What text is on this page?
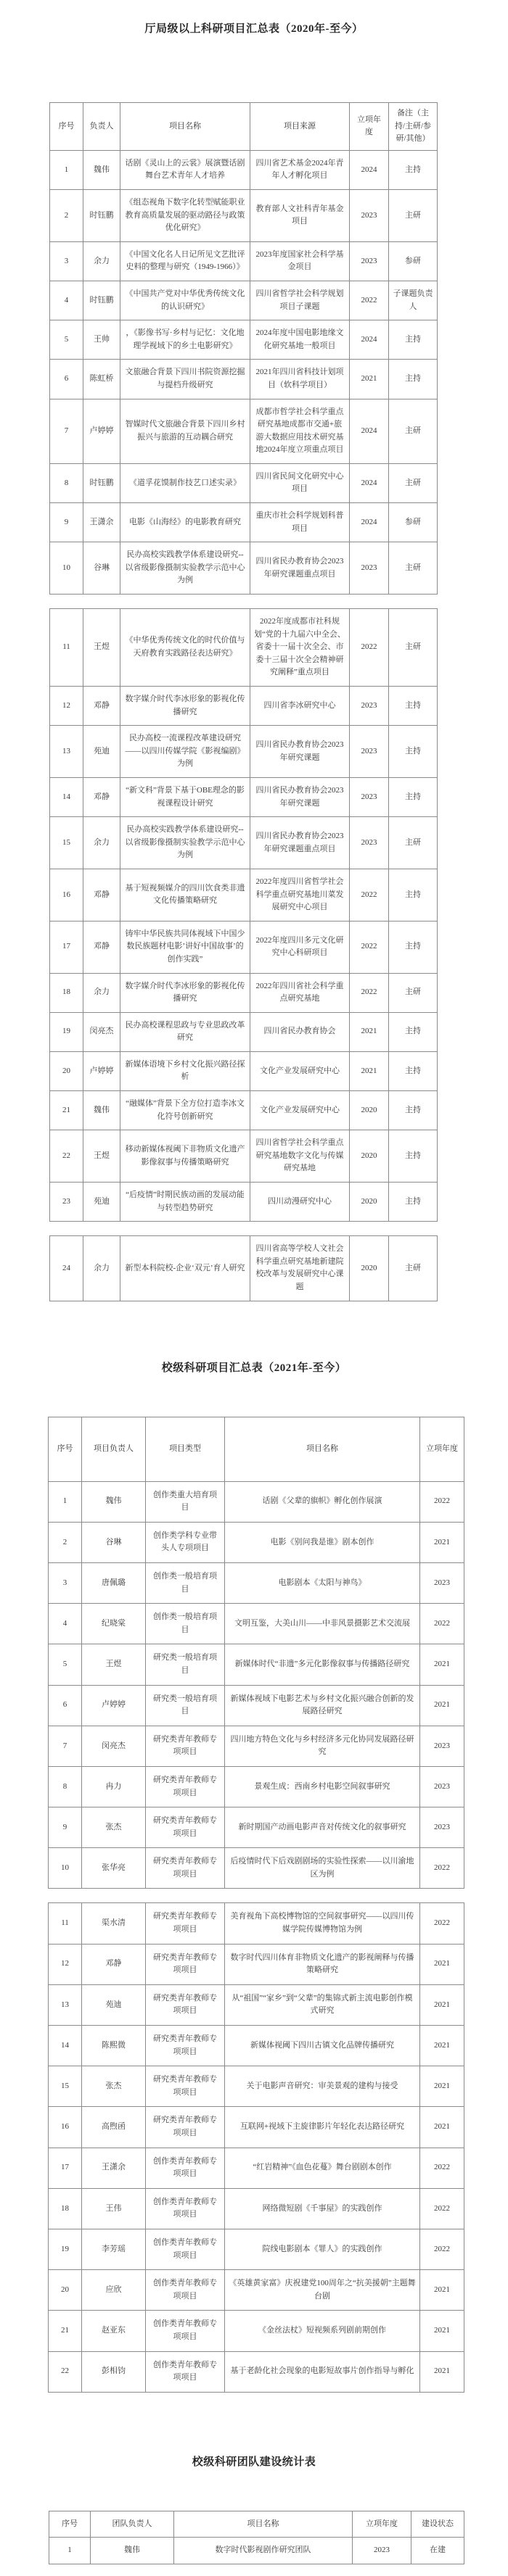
厅局级以上科研项目汇总表（2020年-至今）
序号	负责人	项目名称	项目来源	立项年度	备注（主持/主研/参研/其他）
1	魏伟	话剧《灵山上的云裳》展演暨话剧舞台艺术青年人才培养	四川省艺术基金2024年青年人才孵化项目	2024	主持
2	时钰鹏	《组态视角下数字化转型赋能职业教育高质量发展的驱动路径与政策优化研究》	教育部人文社科青年基金项目	2023	主研
3	余力	《中国文化名人日记所见文艺批评史料的整理与研究（1949-1966）》	2023年度国家社会科学基金项目	2023	参研
4	时钰鹏	《中国共产党对中华优秀传统文化的认识研究》	四川省哲学社会科学规划项目子课题	2022	子课题负责人
5	王帅	，《影像书写·乡村与记忆：文化地理学视域下的乡土电影研究》	2024年度中国电影地缘文化研究基地一般项目	2024	主持
6	陈虹桥	文旅融合背景下四川书院资源挖掘与提档升级研究	2021年四川省科技计划项目（软科学项目）	2021	主持
7	卢婷婷	智媒时代文旅融合背景下四川乡村振兴与旅游的互动耦合研究	成都市哲学社会科学重点研究基地成都市交通+旅游大数据应用技术研究基地2024年度立项重点项目	2024	主研
8	时钰鹏	《道孚花馍制作技艺口述实录》	四川省民间文化研究中心项目	2024	主研
9	王潇余	电影《山海经》的电影教育研究	重庆市社会科学规划科普项目	2024	参研
10	谷琳	民办高校实践教学体系建设研究--以省级影像摄制实验教学示范中心为例	四川省民办教育协会2023年研究课题重点项目	2023	主研
11	王煜	《中华优秀传统文化的时代价值与天府教育实践路径表达研究》	2022年度成都市社科规划“党的十九届六中全会、省委十一届十次全会、市委十三届十次全会精神研究阐释”重点项目	2022	主研
12	邓静	数字媒介时代李冰形象的影视化传播研究	四川省李冰研究中心	2023	主持
13	苑迪	民办高校一流课程改革建设研究——以四川传媒学院《影视编剧》为例	四川省民办教育协会2023年研究课题	2023	主持
14	邓静	“新文科”背景下基于OBE理念的影视课程设计研究	四川省民办教育协会2023年研究课题	2023	主持
15	余力	民办高校实践教学体系建设研究--以省级影像摄制实验教学示范中心为例	四川省民办教育协会2023年研究课题重点项目	2023	主研
16	邓静	基于短视频媒介的四川饮食类非遗文化传播策略研究	2022年度四川省哲学社会科学重点研究基地川菜发展研究中心项目	2022	主持
17	邓静	铸牢中华民族共同体视域下中国少数民族题材电影’讲好中国故事’的创作实践”	2022年度四川多元文化研究中心科研项目	2022	主持
18	余力	数字媒介时代李冰形象的影视化传播研究	2022年四川省社会科学重点研究基地	2022	主研
19	闵亮杰	民办高校课程思政与专业思政改革研究	四川省民办教育协会	2021	主持
20	卢婷婷	新媒体语境下乡村文化振兴路径探析	文化产业发展研究中心	2021	主持
21	魏伟	“融媒体”背景下全方位打造李冰文化符号创新研究	文化产业发展研究中心	2020	主持
22	王煜	移动新媒体视阈下非物质文化遗产影像叙事与传播策略研究	四川省哲学社会科学重点研究基地数字文化与传媒研究基地	2020	主持
23	苑迪	“后疫情”时期民族动画的发展动能与转型趋势研究	四川动漫研究中心	2020	主持
24	余力	新型本科院校-企业‘双元’育人研究	四川省高等学校人文社会科学重点研究基地新建院校改革与发展研究中心课题	2020	主研
校级科研项目汇总表（2021年-至今）
序号	项目负责人	项目类型	项目名称	立项年度
1	魏伟	创作类重大培育项目	话剧《父辈的旗帜》孵化创作展演	2022
2	谷琳	创作类学科专业带头人专项项目	电影《别问我是谁》剧本创作	2021
3	唐佩璐	创作类一般培育项目	电影剧本《太阳与神鸟》	2023
4	纪晓棠	创作类一般培育项目	文明互鉴，大美山川——中非风景摄影艺术交流展	2022
5	王煜	研究类一般培育项目	新媒体时代“非遗”多元化影像叙事与传播路径研究	2021
6	卢婷婷	研究类一般培育项目	新媒体视域下电影艺术与乡村文化振兴融合创新的发展路径研究	2021
7	闵亮杰	研究类青年教师专项项目	四川地方特色文化与乡村经济多元化协同发展路径研究	2023
8	冉力	研究类青年教师专项项目	景观生成：西南乡村电影空间叙事研究	2023
9	张杰	研究类青年教师专项项目	新时期国产动画电影声音对传统文化的叙事研究	2023
10	张华亮	研究类青年教师专项项目	后疫情时代下后戏剧剧场的实验性探索——以川渝地区为例	2022
11	渠水清	研究类青年教师专项项目	美育视角下高校博物馆的空间叙事研究——以四川传媒学院传媒博物馆为例	2022
12	邓静	研究类青年教师专项项目	数字时代四川体育非物质文化遗产的影视阐释与传播策略研究	2021
13	苑迪	研究类青年教师专项项目	从“祖国”“家乡”到“父辈”的集锦式新主流电影创作模式研究	2021
14	陈熙微	研究类青年教师专项项目	新媒体视阈下四川古镇文化品牌传播研究	2021
15	张杰	研究类青年教师专项项目	关于电影声音研究：审美景观的建构与接受	2021
16	高煦函	研究类青年教师专项项目	互联网+视域下主旋律影片年轻化表达路径研究	2021
17	王潇余	创作类青年教师专项项目	“红岩精神”《血色花蔓》舞台剧剧本创作	2022
18	王伟	创作类青年教师专项项目	网络微短剧《千事屋》的实践创作	2022
19	李芳瑶	创作类青年教师专项项目	院线电影剧本《罪人》的实践创作	2022
20	应欣	创作类青年教师专项项目	《英雄黄家富》庆祝建党100周年之“抗美援朝”主题舞台剧	2021
21	赵亚东	创作类青年教师专项项目	《金丝法杖》短视频系列剧前期创作	2021
22	彭相钧	创作类青年教师专项项目	基于老龄化社会现象的电影短故事片创作指导与孵化	2021
校级科研团队建设统计表
序号	团队负责人	项目名称	立项年度	建设状态
1	魏伟	数字时代影视剧作研究团队	2023	在建
